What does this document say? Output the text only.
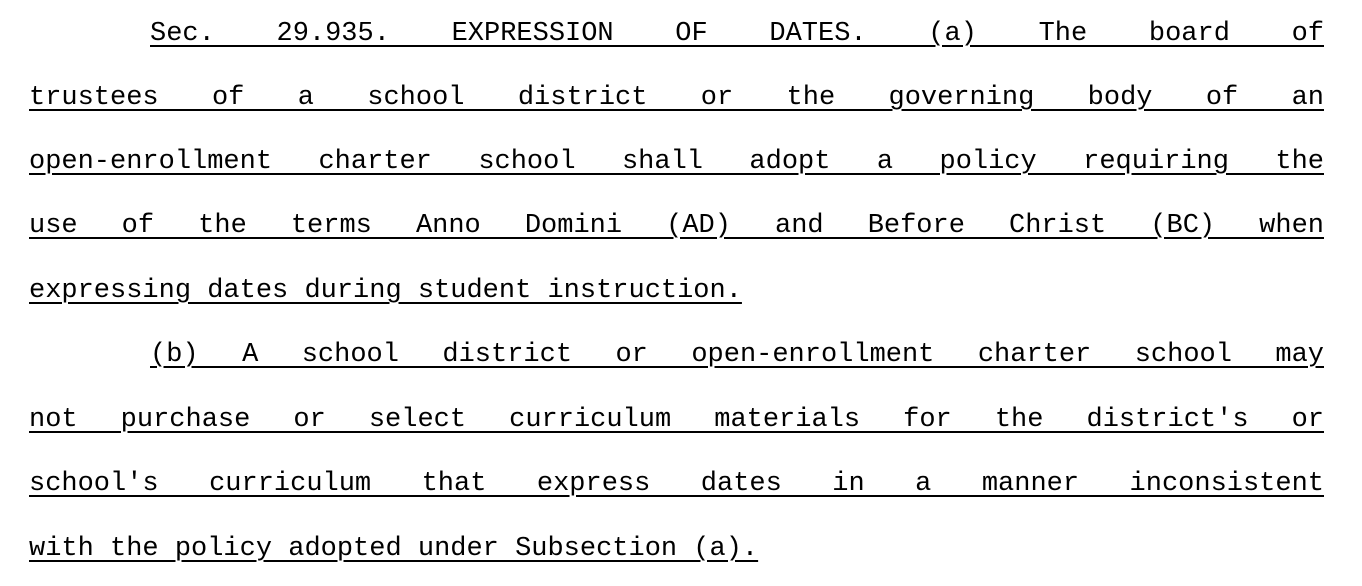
Sec. 29.935. EXPRESSION OF DATES. (a) The board of
trustees of a school district or the governing body of an
open-enrollment charter school shall adopt a policy requiring the
use of the terms Anno Domini (AD) and Before Christ (BC) when
expressing dates during student instruction.
(b) A school district or open-enrollment charter school may
not purchase or select curriculum materials for the district's or
school's curriculum that express dates in a manner inconsistent
with the policy adopted under Subsection (a).
